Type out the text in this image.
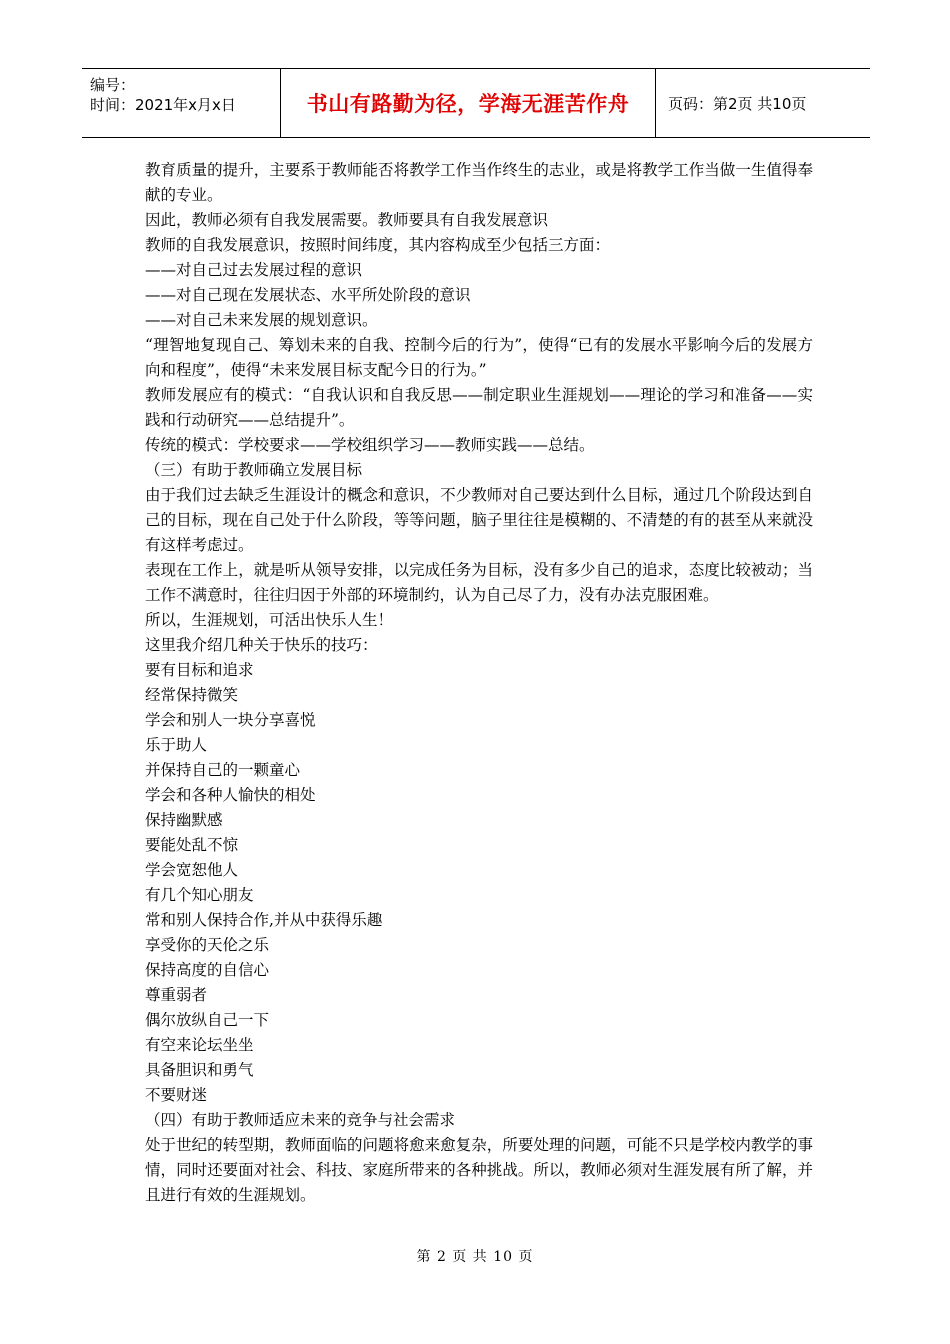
编号：
时间：2021年x月x日	书山有路勤为径，学海无涯苦作舟	页码：第2页 共10页

教育质量的提升，主要系于教师能否将教学工作当作终生的志业，或是将教学工作当做一生值得奉献的专业。

因此，教师必须有自我发展需要。教师要具有自我发展意识

教师的自我发展意识，按照时间纬度，其内容构成至少包括三方面：

——对自己过去发展过程的意识

——对自己现在发展状态、水平所处阶段的意识

——对自己未来发展的规划意识。

“理智地复现自己、筹划未来的自我、控制今后的行为”，使得“已有的发展水平影响今后的发展方向和程度”，使得“未来发展目标支配今日的行为。”

教师发展应有的模式：“自我认识和自我反思——制定职业生涯规划——理论的学习和准备——实践和行动研究——总结提升”。

传统的模式：学校要求——学校组织学习——教师实践——总结。

（三）有助于教师确立发展目标

由于我们过去缺乏生涯设计的概念和意识，不少教师对自己要达到什么目标，通过几个阶段达到自己的目标，现在自己处于什么阶段，等等问题，脑子里往往是模糊的、不清楚的有的甚至从来就没有这样考虑过。

表现在工作上，就是听从领导安排，以完成任务为目标，没有多少自己的追求，态度比较被动；当工作不满意时，往往归因于外部的环境制约，认为自己尽了力，没有办法克服困难。

所以，生涯规划，可活出快乐人生！

这里我介绍几种关于快乐的技巧：

要有目标和追求

经常保持微笑

学会和别人一块分享喜悦

乐于助人

并保持自己的一颗童心

学会和各种人愉快的相处

保持幽默感

要能处乱不惊

学会宽恕他人

有几个知心朋友

常和别人保持合作,并从中获得乐趣

享受你的天伦之乐

保持高度的自信心

尊重弱者

偶尔放纵自己一下

有空来论坛坐坐

具备胆识和勇气

不要财迷

（四）有助于教师适应未来的竞争与社会需求

处于世纪的转型期，教师面临的问题将愈来愈复杂，所要处理的问题，可能不只是学校内教学的事情，同时还要面对社会、科技、家庭所带来的各种挑战。所以，教师必须对生涯发展有所了解，并且进行有效的生涯规划。

第 2 页 共 10 页
